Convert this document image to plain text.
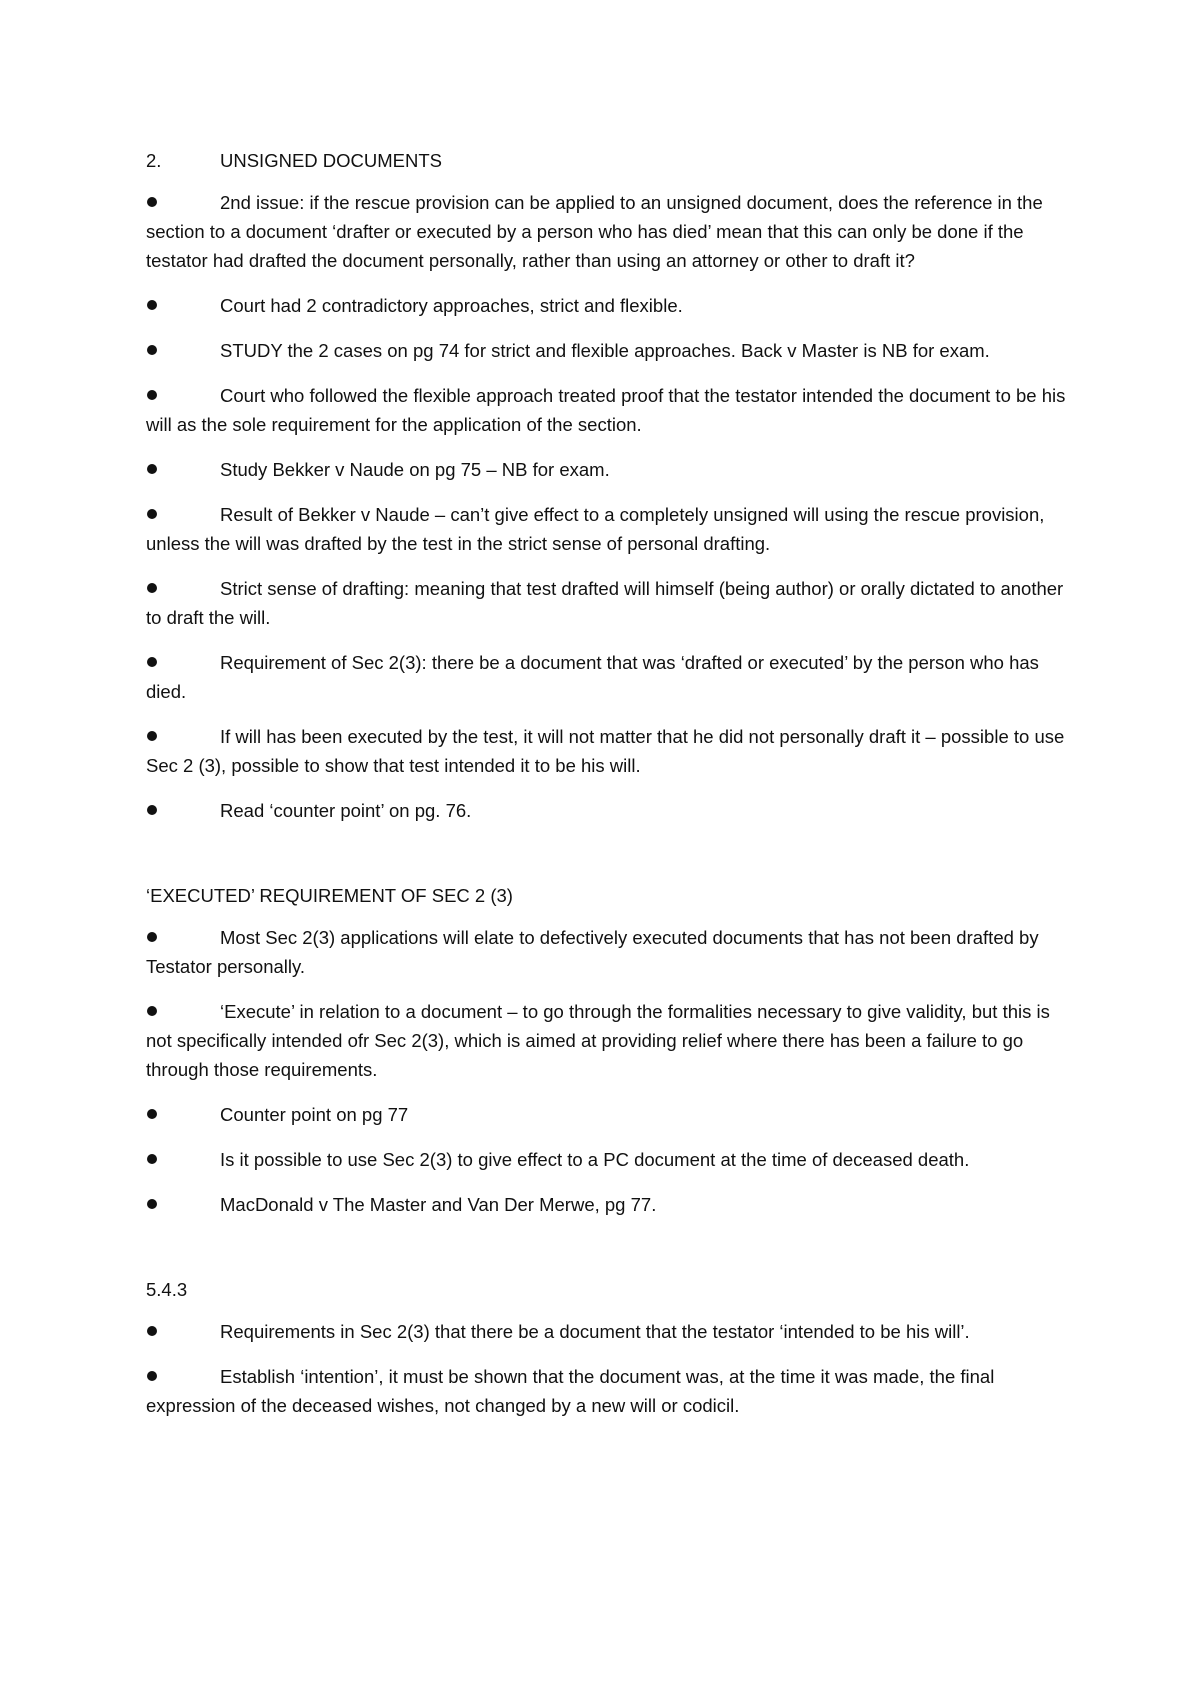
2.	UNSIGNED DOCUMENTS
2nd issue: if the rescue provision can be applied to an unsigned document, does the reference in the section to a document ‘drafter or executed by a person who has died’ mean that this can only be done if the testator had drafted the document personally, rather than using an attorney or other to draft it?
Court had 2 contradictory approaches, strict and flexible.
STUDY the 2 cases on pg 74 for strict and flexible approaches. Back v Master is NB for exam.
Court who followed the flexible approach treated proof that the testator intended the document to be his will as the sole requirement for the application of the section.
Study Bekker v Naude on pg 75 – NB for exam.
Result of Bekker v Naude – can’t give effect to a completely unsigned will using the rescue provision, unless the will was drafted by the test in the strict sense of personal drafting.
Strict sense of drafting: meaning that test drafted will himself (being author) or orally dictated to another to draft the will.
Requirement of Sec 2(3): there be a document that was ‘drafted or executed’ by the person who has died.
If will has been executed by the test, it will not matter that he did not personally draft it – possible to use Sec 2 (3), possible to show that test intended it to be his will.
Read ‘counter point’ on pg. 76.
‘EXECUTED’ REQUIREMENT OF SEC 2 (3)
Most Sec 2(3) applications will elate to defectively executed documents that has not been drafted by Testator personally.
‘Execute’ in relation to a document – to go through the formalities necessary to give validity, but this is not specifically intended ofr Sec 2(3), which is aimed at providing relief where there has been a failure to go through those requirements.
Counter point on pg 77
Is it possible to use Sec 2(3) to give effect to a PC document at the time of deceased death.
MacDonald v The Master and Van Der Merwe, pg 77.
5.4.3
Requirements in Sec 2(3) that there be a document that the testator ‘intended to be his will’.
Establish ‘intention’, it must be shown that the document was, at the time it was made, the final expression of the deceased wishes, not changed by a new will or codicil.
